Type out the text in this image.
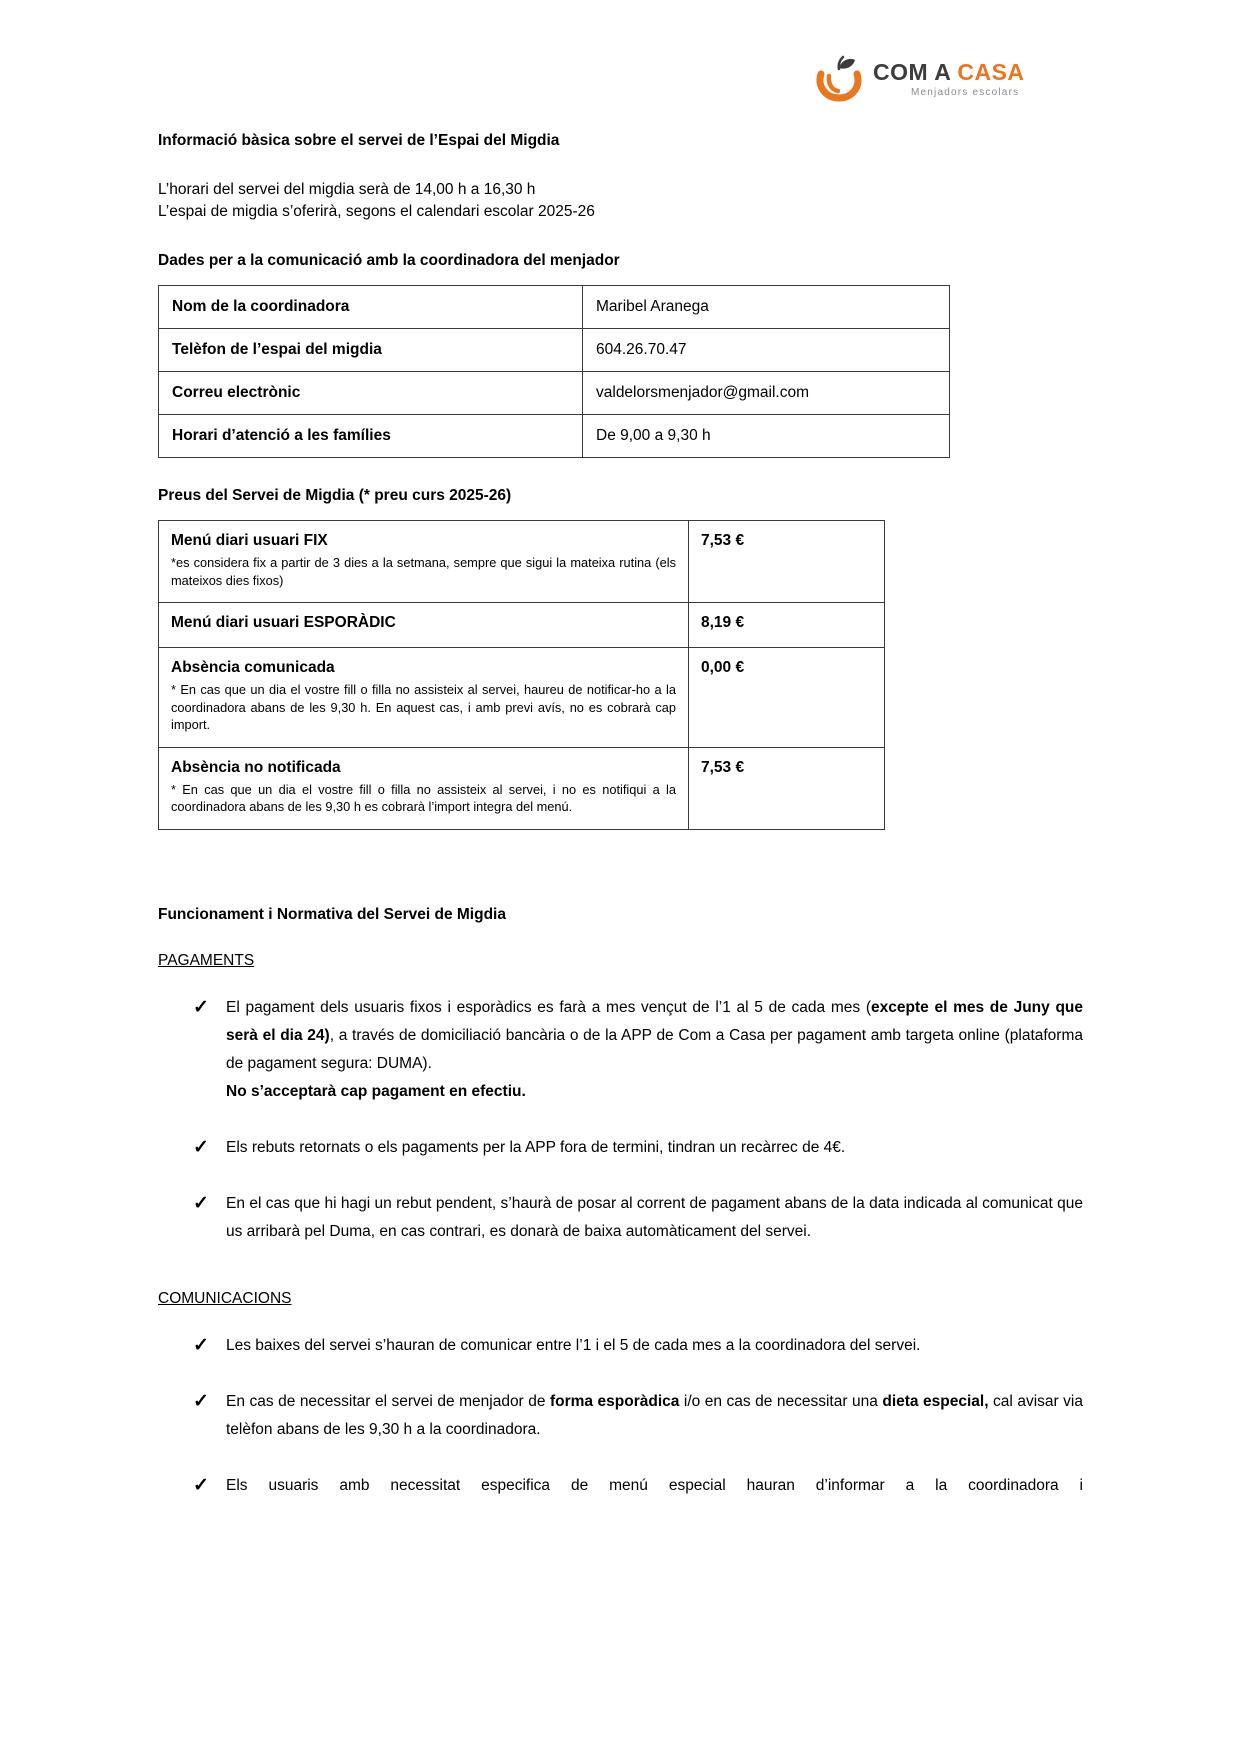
COM A CASA
Menjadors escolars

Informació bàsica sobre el servei de l’Espai del Migdia

L’horari del servei del migdia serà de 14,00 h a 16,30 h

L’espai de migdia s’oferirà, segons el calendari escolar 2025-26

Dades per a la comunicació amb la coordinadora del menjador

Nom de la coordinadora	Maribel Aranega
Telèfon de l’espai del migdia	604.26.70.47
Correu electrònic	valdelorsmenjador@gmail.com
Horari d’atenció a les famílies	De 9,00 a 9,30 h

Preus del Servei de Migdia (* preu curs 2025-26)

Menú diari usuari FIX
*es considera fix a partir de 3 dies a la setmana, sempre que sigui la mateixa rutina (els mateixos dies fixos)	7,53 €

Menú diari usuari ESPORÀDIC	8,19 €

Absència comunicada
* En cas que un dia el vostre fill o filla no assisteix al servei, haureu de notificar-ho a la coordinadora abans de les 9,30 h. En aquest cas, i amb previ avís, no es cobrarà cap import.	0,00 €

Absència no notificada
* En cas que un dia el vostre fill o filla no assisteix al servei, i no es notifiqui a la coordinadora abans de les 9,30 h es cobrarà l’import integra del menú.	7,53 €

Funcionament i Normativa del Servei de Migdia

PAGAMENTS

✓	El pagament dels usuaris fixos i esporàdics es farà a mes vençut de l’1 al 5 de cada mes (excepte el mes de Juny que serà el dia 24), a través de domiciliació bancària o de la APP de Com a Casa per pagament amb targeta online (plataforma de pagament segura: DUMA).
No s’acceptarà cap pagament en efectiu.

✓	Els rebuts retornats o els pagaments per la APP fora de termini, tindran un recàrrec de 4€.

✓	En el cas que hi hagi un rebut pendent, s’haurà de posar al corrent de pagament abans de la data indicada al comunicat que us arribarà pel Duma, en cas contrari, es donarà de baixa automàticament del servei.

COMUNICACIONS

✓	Les baixes del servei s’hauran de comunicar entre l’1 i el 5 de cada mes a la coordinadora del servei.

✓	En cas de necessitar el servei de menjador de forma esporàdica i/o en cas de necessitar una dieta especial, cal avisar via telèfon abans de les 9,30 h a la coordinadora.

✓	Els usuaris amb necessitat especifica de menú especial hauran d’informar a la coordinadora i
